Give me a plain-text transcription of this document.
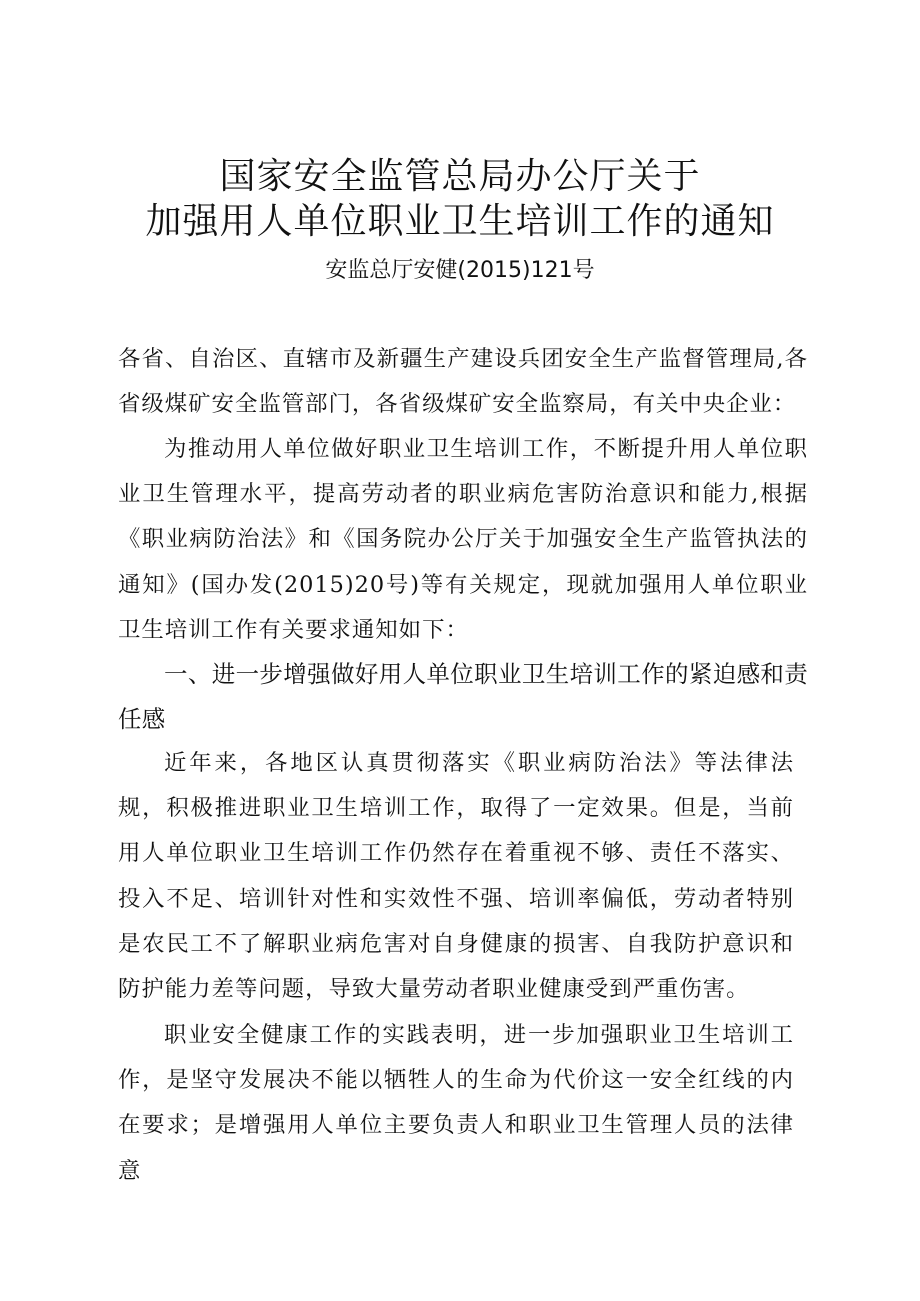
国家安全监管总局办公厅关于
加强用人单位职业卫生培训工作的通知
安监总厅安健(2015)121号

各省、自治区、直辖市及新疆生产建设兵团安全生产监督管理局,各省级煤矿安全监管部门，各省级煤矿安全监察局，有关中央企业：

为推动用人单位做好职业卫生培训工作，不断提升用人单位职业卫生管理水平，提高劳动者的职业病危害防治意识和能力,根据《职业病防治法》和《国务院办公厅关于加强安全生产监管执法的通知》(国办发(2015)20号)等有关规定，现就加强用人单位职业卫生培训工作有关要求通知如下：

一、进一步增强做好用人单位职业卫生培训工作的紧迫感和责任感

近年来，各地区认真贯彻落实《职业病防治法》等法律法规，积极推进职业卫生培训工作，取得了一定效果。但是，当前用人单位职业卫生培训工作仍然存在着重视不够、责任不落实、投入不足、培训针对性和实效性不强、培训率偏低，劳动者特别是农民工不了解职业病危害对自身健康的损害、自我防护意识和防护能力差等问题，导致大量劳动者职业健康受到严重伤害。

职业安全健康工作的实践表明，进一步加强职业卫生培训工作，是坚守发展决不能以牺牲人的生命为代价这一安全红线的内在要求；是增强用人单位主要负责人和职业卫生管理人员的法律意
